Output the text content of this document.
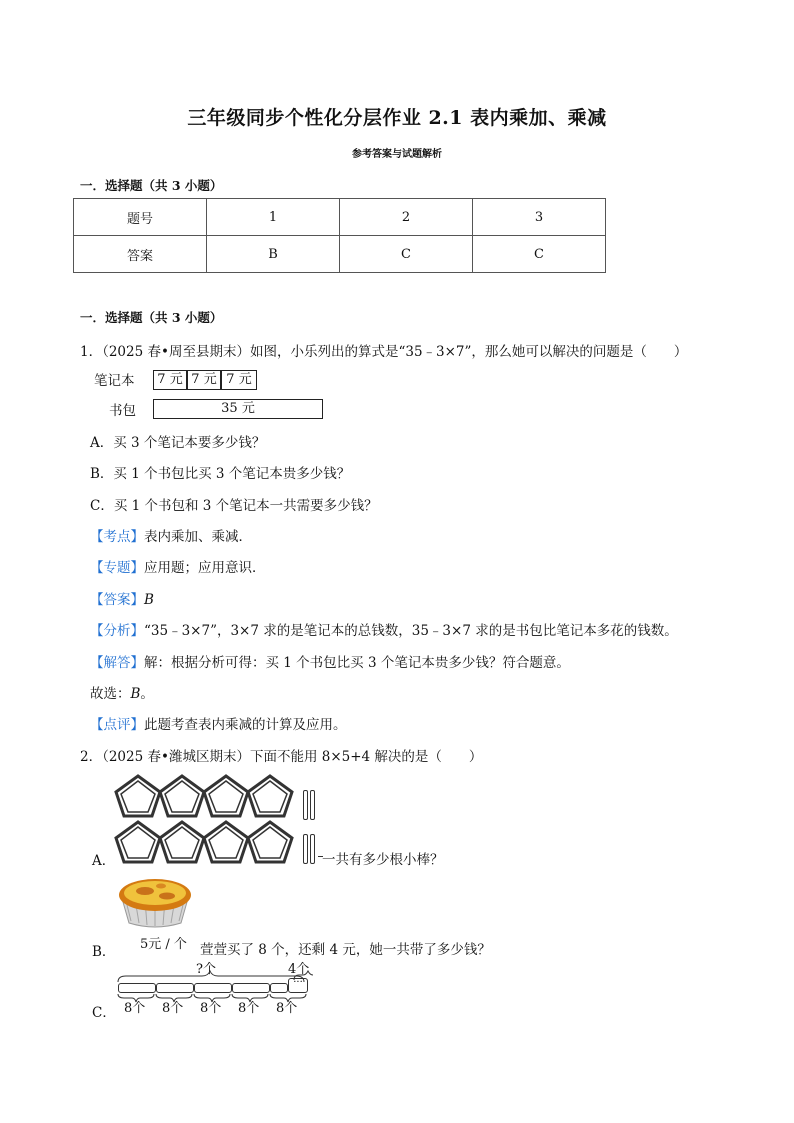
三年级同步个性化分层作业 2.1 表内乘加、乘减
参考答案与试题解析
一．选择题（共 3 小题）
题号	1	2	3
答案	B	C	C
一．选择题（共 3 小题）
1．（2025 春•周至县期末）如图，小乐列出的算式是“35﹣3×7”，那么她可以解决的问题是（　　）
笔记本	7 元 7 元 7 元
书包	35 元
A．买 3 个笔记本要多少钱？
B．买 1 个书包比买 3 个笔记本贵多少钱？
C．买 1 个书包和 3 个笔记本一共需要多少钱？
【考点】表内乘加、乘减．
【专题】应用题；应用意识．
【答案】B
【分析】“35﹣3×7”，3×7 求的是笔记本的总钱数，35﹣3×7 求的是书包比笔记本多花的钱数。
【解答】解：根据分析可得：买 1 个书包比买 3 个笔记本贵多少钱？符合题意。
故选：B。
【点评】此题考查表内乘减的计算及应用。
2．（2025 春•潍城区期末）下面不能用 8×5+4 解决的是（　　）
A．	一共有多少根小棒？
5元 / 个
B．	萱萱买了 8 个，还剩 4 元，她一共带了多少钱？
?个	4个
···
8个 8个 8个 8个 8个
C．
